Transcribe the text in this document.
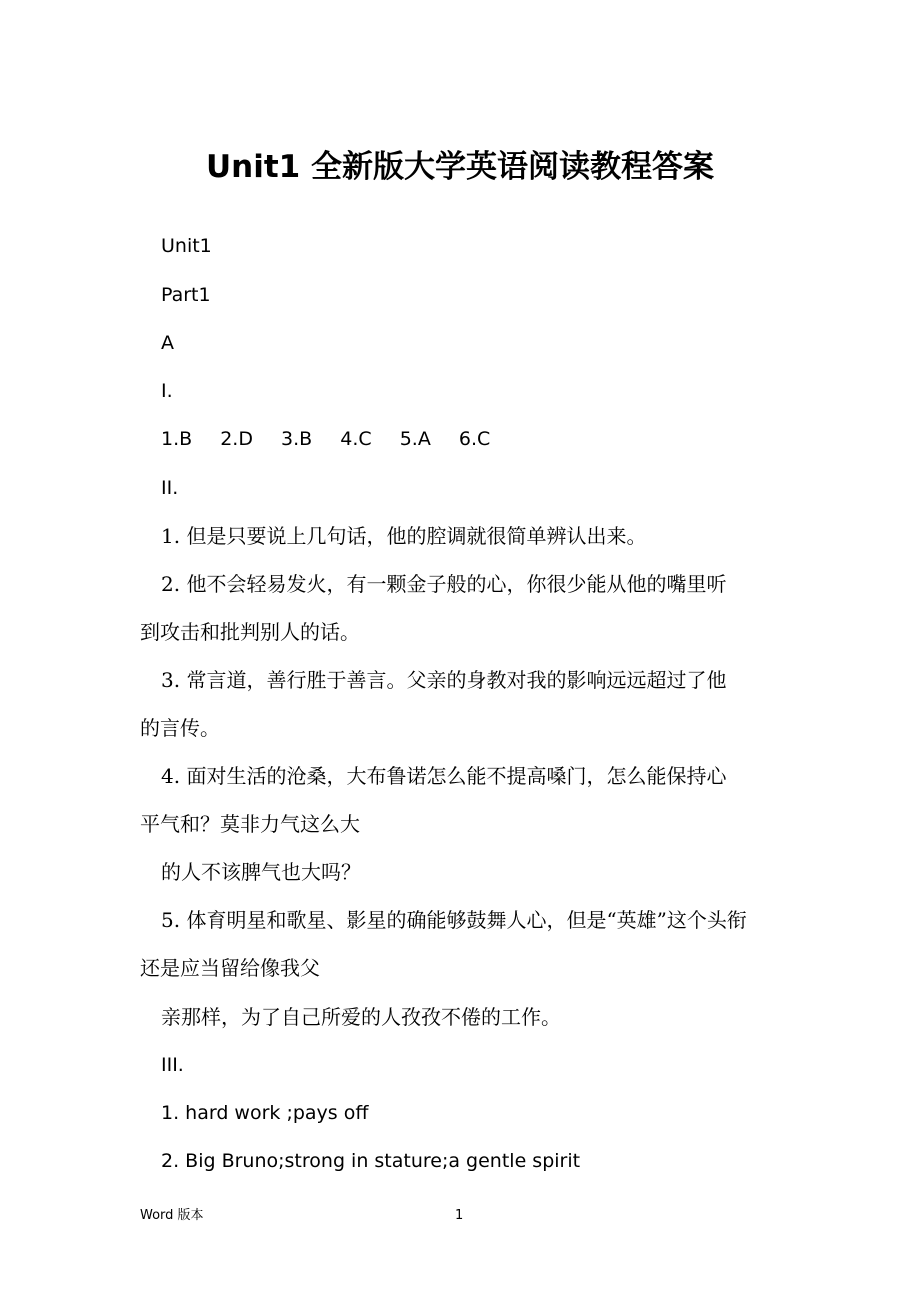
Unit1 全新版大学英语阅读教程答案
Unit1
Part1
A
I.
1.B 2.D 3.B 4.C 5.A 6.C
II.
1. 但是只要说上几句话，他的腔调就很简单辨认出来。
2. 他不会轻易发火，有一颗金子般的心，你很少能从他的嘴里听
到攻击和批判别人的话。
3. 常言道，善行胜于善言。父亲的身教对我的影响远远超过了他
的言传。
4. 面对生活的沧桑，大布鲁诺怎么能不提高嗓门，怎么能保持心
平气和？莫非力气这么大
的人不该脾气也大吗？
5. 体育明星和歌星、影星的确能够鼓舞人心，但是“英雄”这个头衔
还是应当留给像我父
亲那样，为了自己所爱的人孜孜不倦的工作。
III.
1. hard work ;pays off
2. Big Bruno;strong in stature;a gentle spirit
Word 版本	1
